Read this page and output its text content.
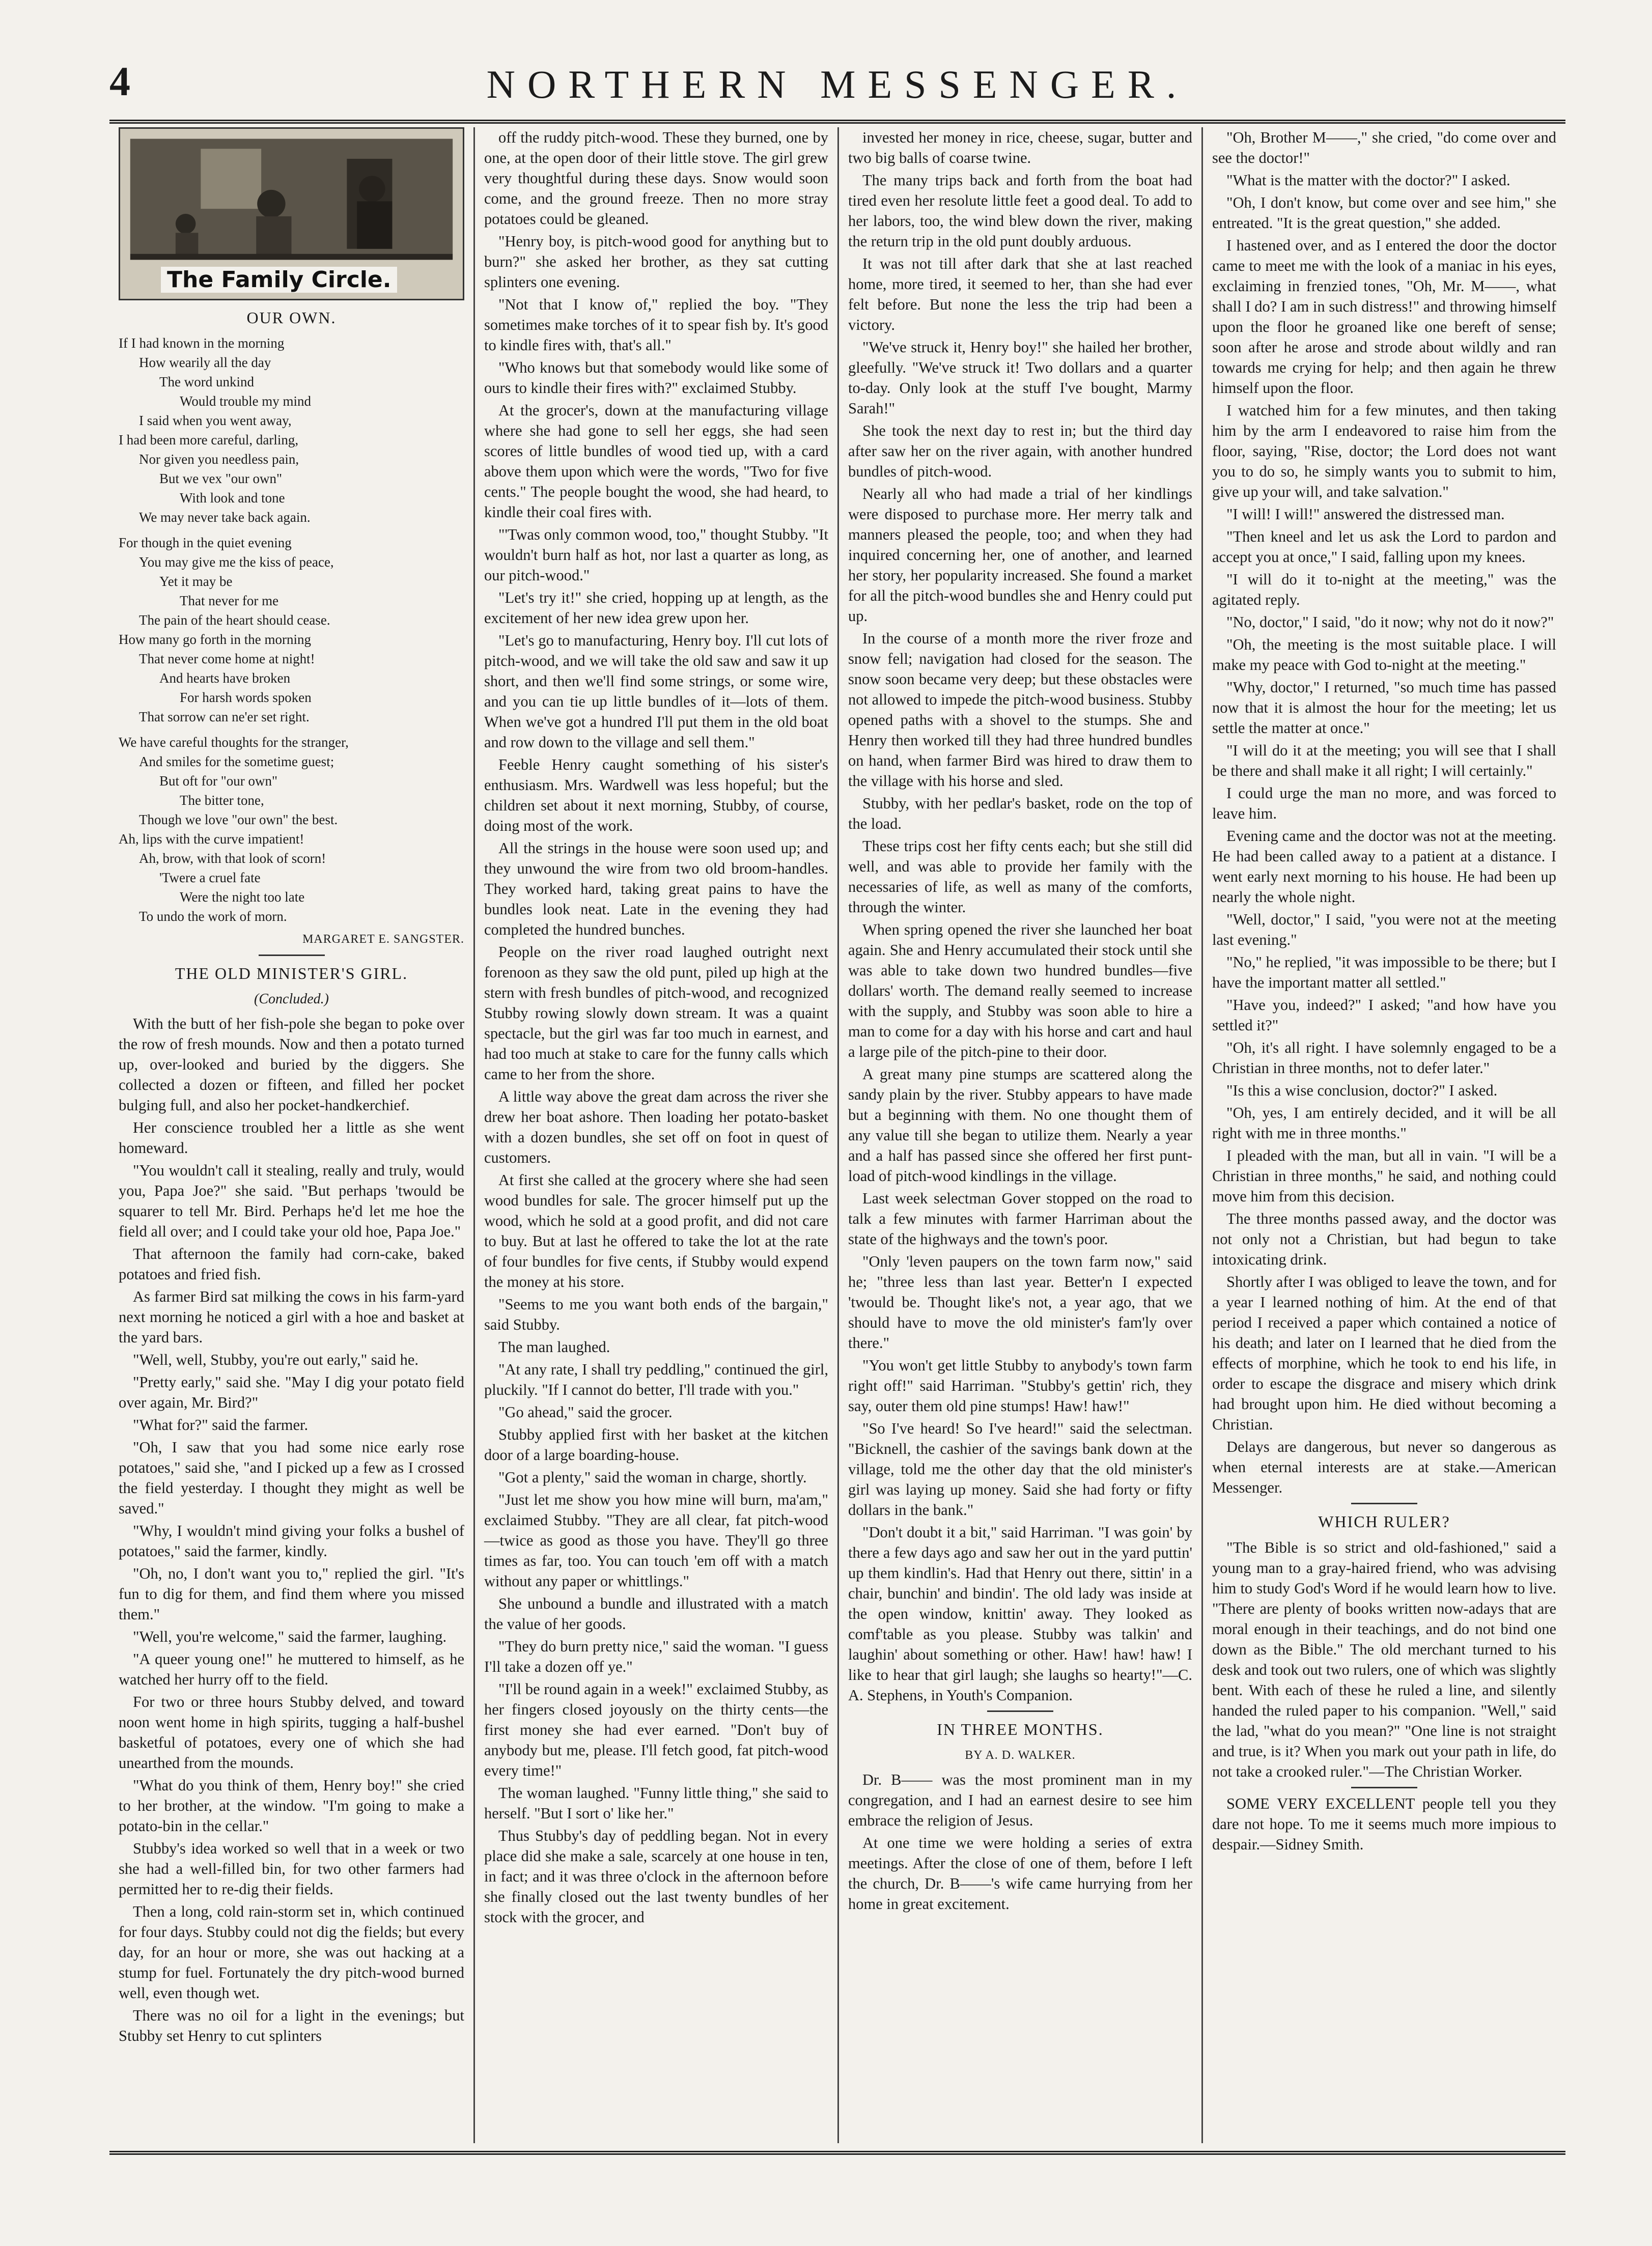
4	NORTHERN MESSENGER.
The Family Circle.
OUR OWN.
If I had known in the morning
How wearily all the day
The word unkind
Would trouble my mind
I said when you went away,
I had been more careful, darling,
Nor given you needless pain,
But we vex "our own"
With look and tone
We may never take back again.
For though in the quiet evening
You may give me the kiss of peace,
Yet it may be
That never for me
The pain of the heart should cease.
How many go forth in the morning
That never come home at night!
And hearts have broken
For harsh words spoken
That sorrow can ne'er set right.
We have careful thoughts for the stranger,
And smiles for the sometime guest;
But oft for "our own"
The bitter tone,
Though we love "our own" the best.
Ah, lips with the curve impatient!
Ah, brow, with that look of scorn!
'Twere a cruel fate
Were the night too late
To undo the work of morn.

MARGARET E. SANGSTER.

THE OLD MINISTER'S GIRL.

(Concluded.)

With the butt of her fish-pole she began to poke over the row of fresh mounds. Now and then a potato turned up, over-looked and buried by the diggers. She collected a dozen or fifteen, and filled her pocket bulging full, and also her pocket-handkerchief.

Her conscience troubled her a little as she went homeward.

"You wouldn't call it stealing, really and truly, would you, Papa Joe?" she said. "But perhaps 'twould be squarer to tell Mr. Bird. Perhaps he'd let me hoe the field all over; and I could take your old hoe, Papa Joe."

That afternoon the family had corn-cake, baked potatoes and fried fish.

As farmer Bird sat milking the cows in his farm-yard next morning he noticed a girl with a hoe and basket at the yard bars.

"Well, well, Stubby, you're out early," said he.

"Pretty early," said she. "May I dig your potato field over again, Mr. Bird?"

"What for?" said the farmer.

"Oh, I saw that you had some nice early rose potatoes," said she, "and I picked up a few as I crossed the field yesterday. I thought they might as well be saved."

"Why, I wouldn't mind giving your folks a bushel of potatoes," said the farmer, kindly.

"Oh, no, I don't want you to," replied the girl. "It's fun to dig for them, and find them where you missed them."

"Well, you're welcome," said the farmer, laughing.

"A queer young one!" he muttered to himself, as he watched her hurry off to the field.

For two or three hours Stubby delved, and toward noon went home in high spirits, tugging a half-bushel basketful of potatoes, every one of which she had unearthed from the mounds.

"What do you think of them, Henry boy!" she cried to her brother, at the window. "I'm going to make a potato-bin in the cellar."

Stubby's idea worked so well that in a week or two she had a well-filled bin, for two other farmers had permitted her to re-dig their fields.

Then a long, cold rain-storm set in, which continued for four days. Stubby could not dig the fields; but every day, for an hour or more, she was out hacking at a stump for fuel. Fortunately the dry pitch-wood burned well, even though wet.

There was no oil for a light in the evenings; but Stubby set Henry to cut splinters

off the ruddy pitch-wood. These they burned, one by one, at the open door of their little stove. The girl grew very thoughtful during these days. Snow would soon come, and the ground freeze. Then no more stray potatoes could be gleaned.

"Henry boy, is pitch-wood good for anything but to burn?" she asked her brother, as they sat cutting splinters one evening.

"Not that I know of," replied the boy. "They sometimes make torches of it to spear fish by. It's good to kindle fires with, that's all."

"Who knows but that somebody would like some of ours to kindle their fires with?" exclaimed Stubby.

At the grocer's, down at the manufacturing village where she had gone to sell her eggs, she had seen scores of little bundles of wood tied up, with a card above them upon which were the words, "Two for five cents." The people bought the wood, she had heard, to kindle their coal fires with.

"'Twas only common wood, too," thought Stubby. "It wouldn't burn half as hot, nor last a quarter as long, as our pitch-wood."

"Let's try it!" she cried, hopping up at length, as the excitement of her new idea grew upon her.

"Let's go to manufacturing, Henry boy. I'll cut lots of pitch-wood, and we will take the old saw and saw it up short, and then we'll find some strings, or some wire, and you can tie up little bundles of it—lots of them. When we've got a hundred I'll put them in the old boat and row down to the village and sell them."

Feeble Henry caught something of his sister's enthusiasm. Mrs. Wardwell was less hopeful; but the children set about it next morning, Stubby, of course, doing most of the work.

All the strings in the house were soon used up; and they unwound the wire from two old broom-handles. They worked hard, taking great pains to have the bundles look neat. Late in the evening they had completed the hundred bunches.

People on the river road laughed outright next forenoon as they saw the old punt, piled up high at the stern with fresh bundles of pitch-wood, and recognized Stubby rowing slowly down stream. It was a quaint spectacle, but the girl was far too much in earnest, and had too much at stake to care for the funny calls which came to her from the shore.

A little way above the great dam across the river she drew her boat ashore. Then loading her potato-basket with a dozen bundles, she set off on foot in quest of customers.

At first she called at the grocery where she had seen wood bundles for sale. The grocer himself put up the wood, which he sold at a good profit, and did not care to buy. But at last he offered to take the lot at the rate of four bundles for five cents, if Stubby would expend the money at his store.

"Seems to me you want both ends of the bargain," said Stubby.

The man laughed.

"At any rate, I shall try peddling," continued the girl, pluckily. "If I cannot do better, I'll trade with you."

"Go ahead," said the grocer.

Stubby applied first with her basket at the kitchen door of a large boarding-house.

"Got a plenty," said the woman in charge, shortly.

"Just let me show you how mine will burn, ma'am," exclaimed Stubby. "They are all clear, fat pitch-wood—twice as good as those you have. They'll go three times as far, too. You can touch 'em off with a match without any paper or whittlings."

She unbound a bundle and illustrated with a match the value of her goods.

"They do burn pretty nice," said the woman. "I guess I'll take a dozen off ye."

"I'll be round again in a week!" exclaimed Stubby, as her fingers closed joyously on the thirty cents—the first money she had ever earned. "Don't buy of anybody but me, please. I'll fetch good, fat pitch-wood every time!"

The woman laughed. "Funny little thing," she said to herself. "But I sort o' like her."

Thus Stubby's day of peddling began. Not in every place did she make a sale, scarcely at one house in ten, in fact; and it was three o'clock in the afternoon before she finally closed out the last twenty bundles of her stock with the grocer, and

invested her money in rice, cheese, sugar, butter and two big balls of coarse twine.

The many trips back and forth from the boat had tired even her resolute little feet a good deal. To add to her labors, too, the wind blew down the river, making the return trip in the old punt doubly arduous.

It was not till after dark that she at last reached home, more tired, it seemed to her, than she had ever felt before. But none the less the trip had been a victory.

"We've struck it, Henry boy!" she hailed her brother, gleefully. "We've struck it! Two dollars and a quarter to-day. Only look at the stuff I've bought, Marmy Sarah!"

She took the next day to rest in; but the third day after saw her on the river again, with another hundred bundles of pitch-wood.

Nearly all who had made a trial of her kindlings were disposed to purchase more. Her merry talk and manners pleased the people, too; and when they had inquired concerning her, one of another, and learned her story, her popularity increased. She found a market for all the pitch-wood bundles she and Henry could put up.

In the course of a month more the river froze and snow fell; navigation had closed for the season. The snow soon became very deep; but these obstacles were not allowed to impede the pitch-wood business. Stubby opened paths with a shovel to the stumps. She and Henry then worked till they had three hundred bundles on hand, when farmer Bird was hired to draw them to the village with his horse and sled.

Stubby, with her pedlar's basket, rode on the top of the load.

These trips cost her fifty cents each; but she still did well, and was able to provide her family with the necessaries of life, as well as many of the comforts, through the winter.

When spring opened the river she launched her boat again. She and Henry accumulated their stock until she was able to take down two hundred bundles—five dollars' worth. The demand really seemed to increase with the supply, and Stubby was soon able to hire a man to come for a day with his horse and cart and haul a large pile of the pitch-pine to their door.

A great many pine stumps are scattered along the sandy plain by the river. Stubby appears to have made but a beginning with them. No one thought them of any value till she began to utilize them. Nearly a year and a half has passed since she offered her first punt-load of pitch-wood kindlings in the village.

Last week selectman Gover stopped on the road to talk a few minutes with farmer Harriman about the state of the highways and the town's poor.

"Only 'leven paupers on the town farm now," said he; "three less than last year. Better'n I expected 'twould be. Thought like's not, a year ago, that we should have to move the old minister's fam'ly over there."

"You won't get little Stubby to anybody's town farm right off!" said Harriman. "Stubby's gettin' rich, they say, outer them old pine stumps! Haw! haw!"

"So I've heard! So I've heard!" said the selectman. "Bicknell, the cashier of the savings bank down at the village, told me the other day that the old minister's girl was laying up money. Said she had forty or fifty dollars in the bank."

"Don't doubt it a bit," said Harriman. "I was goin' by there a few days ago and saw her out in the yard puttin' up them kindlin's. Had that Henry out there, sittin' in a chair, bunchin' and bindin'. The old lady was inside at the open window, knittin' away. They looked as comf'table as you please. Stubby was talkin' and laughin' about something or other. Haw! haw! haw! I like to hear that girl laugh; she laughs so hearty!"—C. A. Stephens, in Youth's Companion.

IN THREE MONTHS.

BY A. D. WALKER.

Dr. B—— was the most prominent man in my congregation, and I had an earnest desire to see him embrace the religion of Jesus.

At one time we were holding a series of extra meetings. After the close of one of them, before I left the church, Dr. B——'s wife came hurrying from her home in great excitement.

"Oh, Brother M——," she cried, "do come over and see the doctor!"

"What is the matter with the doctor?" I asked.

"Oh, I don't know, but come over and see him," she entreated. "It is the great question," she added.

I hastened over, and as I entered the door the doctor came to meet me with the look of a maniac in his eyes, exclaiming in frenzied tones, "Oh, Mr. M——, what shall I do? I am in such distress!" and throwing himself upon the floor he groaned like one bereft of sense; soon after he arose and strode about wildly and ran towards me crying for help; and then again he threw himself upon the floor.

I watched him for a few minutes, and then taking him by the arm I endeavored to raise him from the floor, saying, "Rise, doctor; the Lord does not want you to do so, he simply wants you to submit to him, give up your will, and take salvation."

"I will! I will!" answered the distressed man.

"Then kneel and let us ask the Lord to pardon and accept you at once," I said, falling upon my knees.

"I will do it to-night at the meeting," was the agitated reply.

"No, doctor," I said, "do it now; why not do it now?"

"Oh, the meeting is the most suitable place. I will make my peace with God to-night at the meeting."

"Why, doctor," I returned, "so much time has passed now that it is almost the hour for the meeting; let us settle the matter at once."

"I will do it at the meeting; you will see that I shall be there and shall make it all right; I will certainly."

I could urge the man no more, and was forced to leave him.

Evening came and the doctor was not at the meeting. He had been called away to a patient at a distance. I went early next morning to his house. He had been up nearly the whole night.

"Well, doctor," I said, "you were not at the meeting last evening."

"No," he replied, "it was impossible to be there; but I have the important matter all settled."

"Have you, indeed?" I asked; "and how have you settled it?"

"Oh, it's all right. I have solemnly engaged to be a Christian in three months, not to defer later."

"Is this a wise conclusion, doctor?" I asked.

"Oh, yes, I am entirely decided, and it will be all right with me in three months."

I pleaded with the man, but all in vain. "I will be a Christian in three months," he said, and nothing could move him from this decision.

The three months passed away, and the doctor was not only not a Christian, but had begun to take intoxicating drink.

Shortly after I was obliged to leave the town, and for a year I learned nothing of him. At the end of that period I received a paper which contained a notice of his death; and later on I learned that he died from the effects of morphine, which he took to end his life, in order to escape the disgrace and misery which drink had brought upon him. He died without becoming a Christian.

Delays are dangerous, but never so dangerous as when eternal interests are at stake.—American Messenger.

WHICH RULER?

"The Bible is so strict and old-fashioned," said a young man to a gray-haired friend, who was advising him to study God's Word if he would learn how to live. "There are plenty of books written now-adays that are moral enough in their teachings, and do not bind one down as the Bible." The old merchant turned to his desk and took out two rulers, one of which was slightly bent. With each of these he ruled a line, and silently handed the ruled paper to his companion. "Well," said the lad, "what do you mean?" "One line is not straight and true, is it? When you mark out your path in life, do not take a crooked ruler."—The Christian Worker.

SOME VERY EXCELLENT people tell you they dare not hope. To me it seems much more impious to despair.—Sidney Smith.
